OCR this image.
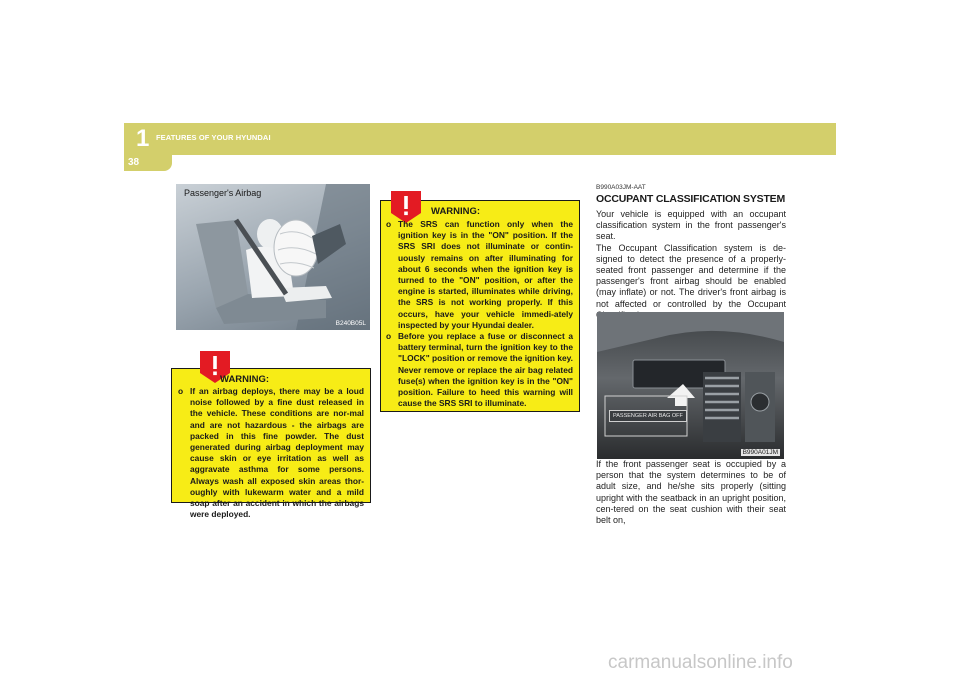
1 FEATURES OF YOUR HYUNDAI
38
Passenger's Airbag
B240B05L
WARNING:
o If an airbag deploys, there may be a loud noise followed by a fine dust released in the vehicle. These conditions are nor-mal and are not hazardous - the airbags are packed in this fine powder. The dust generated during airbag deployment may cause skin or eye irritation as well as aggravate asthma for some persons. Always wash all exposed skin areas thor-oughly with lukewarm water and a mild soap after an accident in which the airbags were deployed.
WARNING:
o The SRS can function only when the ignition key is in the "ON" position. If the SRS SRI does not illuminate or contin-uously remains on after illuminating for about 6 seconds when the ignition key is turned to the "ON" position, or after the engine is started, illuminates while driving, the SRS is not working properly. If this occurs, have your vehicle immedi-ately inspected by your Hyundai dealer.
o Before you replace a fuse or disconnect a battery terminal, turn the ignition key to the "LOCK" position or remove the ignition key. Never remove or replace the air bag related fuse(s) when the ignition key is in the "ON" position. Failure to heed this warning will cause the SRS SRI to illuminate.
B990A03JM-AAT
OCCUPANT CLASSIFICATION SYSTEM
Your vehicle is equipped with an occupant classification system in the front passenger's seat.
The Occupant Classification system is de-signed to detect the presence of a properly-seated front passenger and determine if the passenger's front airbag should be enabled (may inflate) or not. The driver's front airbag is not affected or controlled by the Occupant
PASSENGER AIR BAG OFF
B990A01JM
If the front passenger seat is occupied by a person that the system determines to be of adult size, and he/she sits properly (sitting upright with the seatback in an upright position, cen-tered on the seat cushion with their seat belt on,
carmanualsonline.info
